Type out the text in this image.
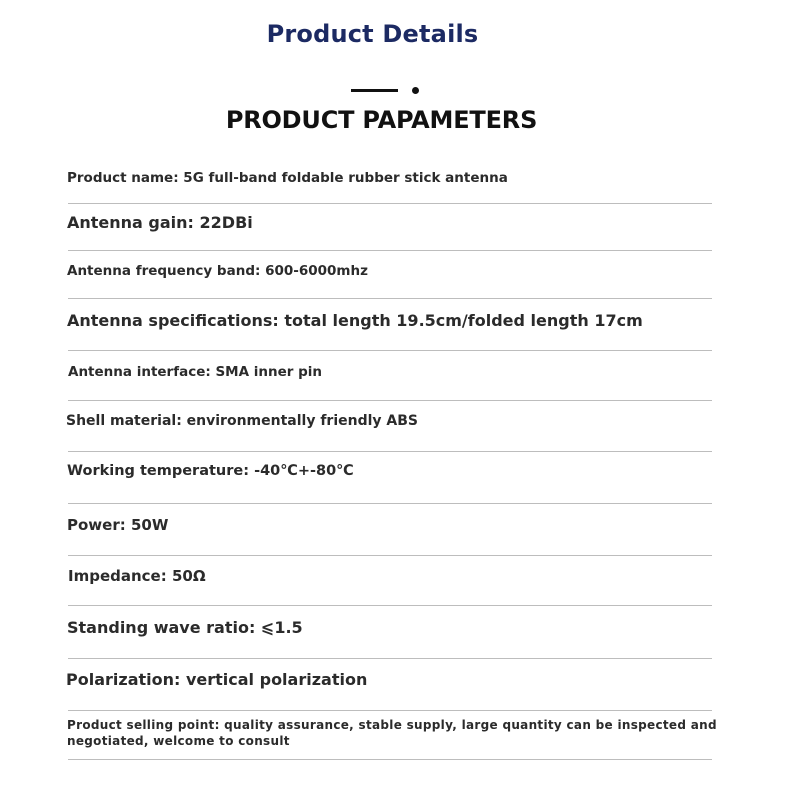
Product Details
PRODUCT PAPAMETERS
Product name: 5G full-band foldable rubber stick antenna
Antenna gain: 22DBi
Antenna frequency band: 600-6000mhz
Antenna specifications: total length 19.5cm/folded length 17cm
Antenna interface: SMA inner pin
Shell material: environmentally friendly ABS
Working temperature: -40℃+-80℃
Power: 50W
Impedance: 50Ω
Standing wave ratio: ⩽1.5
Polarization: vertical polarization
Product selling point: quality assurance, stable supply, large quantity can be inspected and negotiated, welcome to consult
